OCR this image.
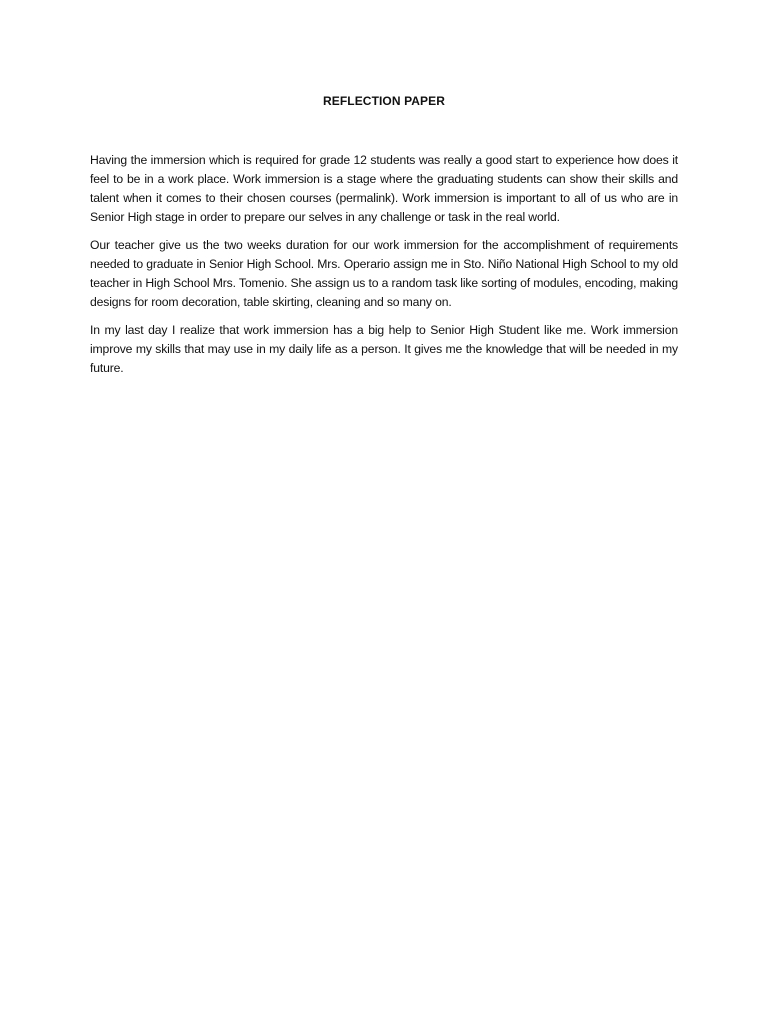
REFLECTION PAPER

Having the immersion which is required for grade 12 students was really a good start to experience how does it feel to be in a work place. Work immersion is a stage where the graduating students can show their skills and talent when it comes to their chosen courses (permalink). Work immersion is important to all of us who are in Senior High stage in order to prepare our selves in any challenge or task in the real world.

Our teacher give us the two weeks duration for our work immersion for the accomplishment of requirements needed to graduate in Senior High School. Mrs. Operario assign me in Sto. Niño National High School to my old teacher in High School Mrs. Tomenio. She assign us to a random task like sorting of modules, encoding, making designs for room decoration, table skirting, cleaning and so many on.

In my last day I realize that work immersion has a big help to Senior High Student like me. Work immersion improve my skills that may use in my daily life as a person. It gives me the knowledge that will be needed in my future.
